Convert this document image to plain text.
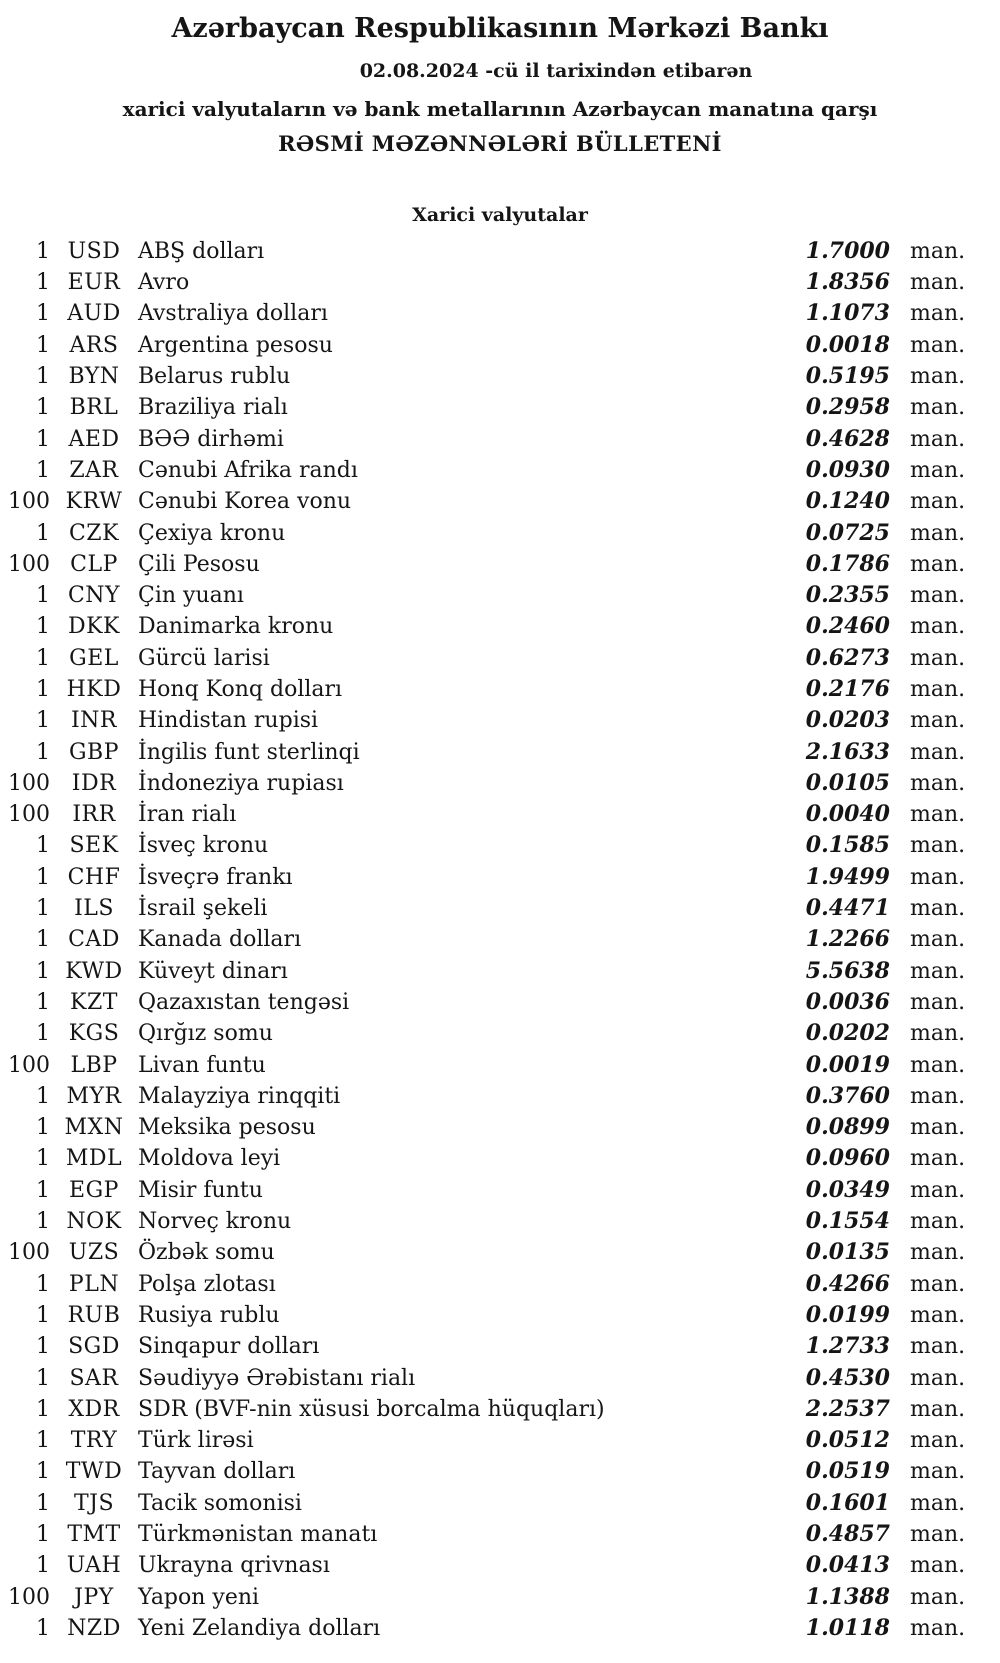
Azərbaycan Respublikasının Mərkəzi Bankı

02.08.2024 -cü il tarixindən etibarən

xarici valyutaların və bank metallarının Azərbaycan manatına qarşı

RƏSMİ MƏZƏNNƏLƏRİ BÜLLETENİ

Xarici valyutalar
1 USD ABŞ dolları	1.7000 man.
1 EUR Avro	1.8356 man.
1 AUD Avstraliya dolları	1.1073 man.
1 ARS Argentina pesosu	0.0018 man.
1 BYN Belarus rublu	0.5195 man.
1 BRL Braziliya rialı	0.2958 man.
1 AED BƏƏ dirhəmi	0.4628 man.
1 ZAR Cənubi Afrika randı	0.0930 man.
100 KRW Cənubi Korea vonu	0.1240 man.
1 CZK Çexiya kronu	0.0725 man.
100 CLP Çili Pesosu	0.1786 man.
1 CNY Çin yuanı	0.2355 man.
1 DKK Danimarka kronu	0.2460 man.
1 GEL Gürcü larisi	0.6273 man.
1 HKD Honq Konq dolları	0.2176 man.
1 INR Hindistan rupisi	0.0203 man.
1 GBP İngilis funt sterlinqi	2.1633 man.
100 IDR İndoneziya rupiası	0.0105 man.
100	IRR	İran rialı	0.0040 man.
1 SEK İsveç kronu	0.1585 man.
1 CHF İsveçrə frankı	1.9499 man.
1	ILS	İsrail şekeli	0.4471 man.
1 CAD Kanada dolları	1.2266 man.
1 KWD Küveyt dinarı	5.5638 man.
1 KZT Qazaxıstan tengəsi	0.0036 man.
1 KGS Qırğız somu	0.0202 man.
100 LBP Livan funtu	0.0019 man.
1 MYR Malayziya rinqqiti	0.3760 man.
1 MXN Meksika pesosu	0.0899 man.
1 MDL Moldova leyi	0.0960 man.
1 EGP Misir funtu	0.0349 man.
1 NOK Norveç kronu	0.1554 man.
100 UZS Özbək somu	0.0135 man.
1 PLN Polşa zlotası	0.4266 man.
1 RUB Rusiya rublu	0.0199 man.
1 SGD Sinqapur dolları	1.2733 man.
1 SAR Səudiyyə Ərəbistanı rialı	0.4530 man.
1 XDR SDR (BVF-nin xüsusi borcalma hüquqları)	2.2537 man.
1 TRY Türk lirəsi	0.0512 man.
1 TWD Tayvan dolları	0.0519 man.
1	TJS	Tacik somonisi	0.1601 man.
1 TMT Türkmənistan manatı	0.4857 man.
1 UAH Ukrayna qrivnası	0.0413 man.
100	JPY	Yapon yeni	1.1388 man.
1 NZD Yeni Zelandiya dolları	1.0118 man.
